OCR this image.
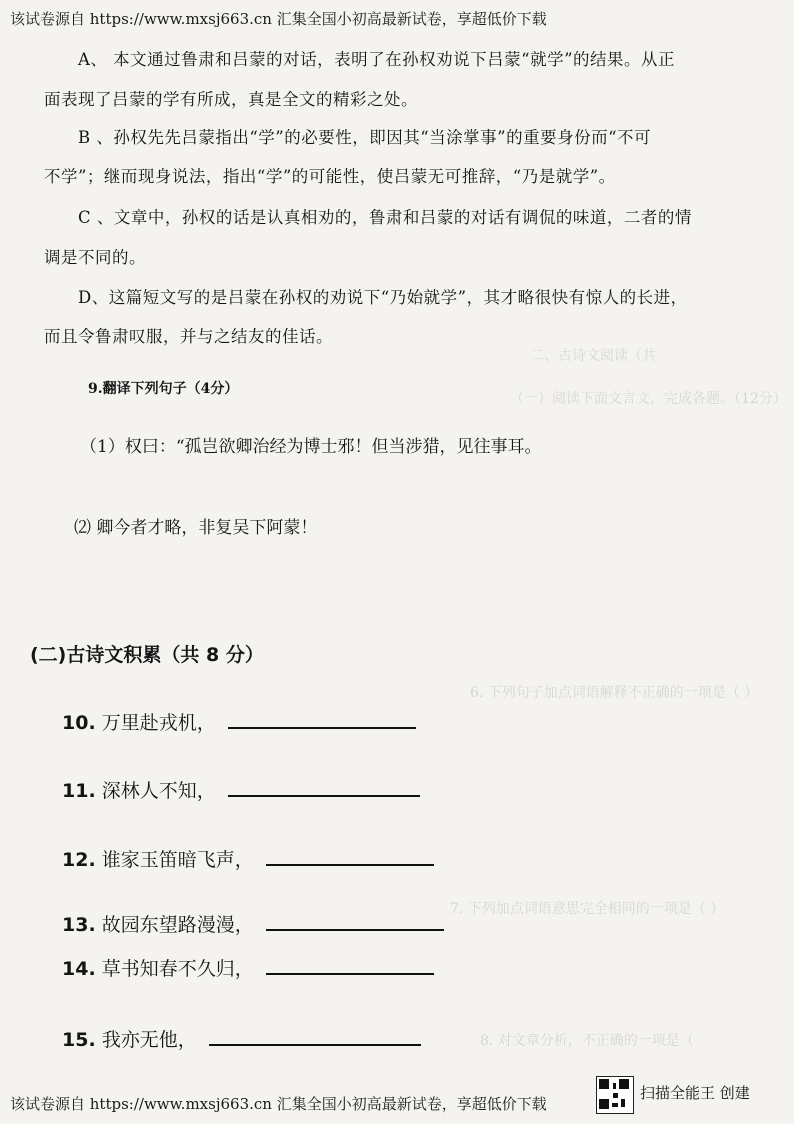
二、古诗文阅读（共
（一）阅读下面文言文，完成各题。（12分）
6. 下列句子加点词语解释不正确的一项是（ ）
7. 下列加点词语意思完全相同的一项是（ ）
8. 对文章分析，不正确的一项是（
该试卷源自 https://www.mxsj663.cn 汇集全国小初高最新试卷，享超低价下载
A、 本文通过鲁肃和吕蒙的对话，表明了在孙权劝说下吕蒙“就学”的结果。从正
面表现了吕蒙的学有所成，真是全文的精彩之处。
B 、孙权先先吕蒙指出“学”的必要性，即因其“当涂掌事”的重要身份而“不可
不学”；继而现身说法，指出“学”的可能性，使吕蒙无可推辞，“乃是就学”。
C 、文章中，孙权的话是认真相劝的，鲁肃和吕蒙的对话有调侃的味道，二者的情
调是不同的。
D、这篇短文写的是吕蒙在孙权的劝说下“乃始就学”，其才略很快有惊人的长进，
而且令鲁肃叹服，并与之结友的佳话。
9.翻译下列句子（4分）
（1）权曰：“孤岂欲卿治经为博士邪！但当涉猎，见往事耳。
⑵ 卿今者才略，非复吴下阿蒙！
(二)古诗文积累（共 8 分）
10. 万里赴戎机，
11. 深林人不知，
12. 谁家玉笛暗飞声，
13. 故园东望路漫漫，
14. 草书知春不久归，
15. 我亦无他，
该试卷源自 https://www.mxsj663.cn 汇集全国小初高最新试卷，享超低价下载
扫描全能王 创建
